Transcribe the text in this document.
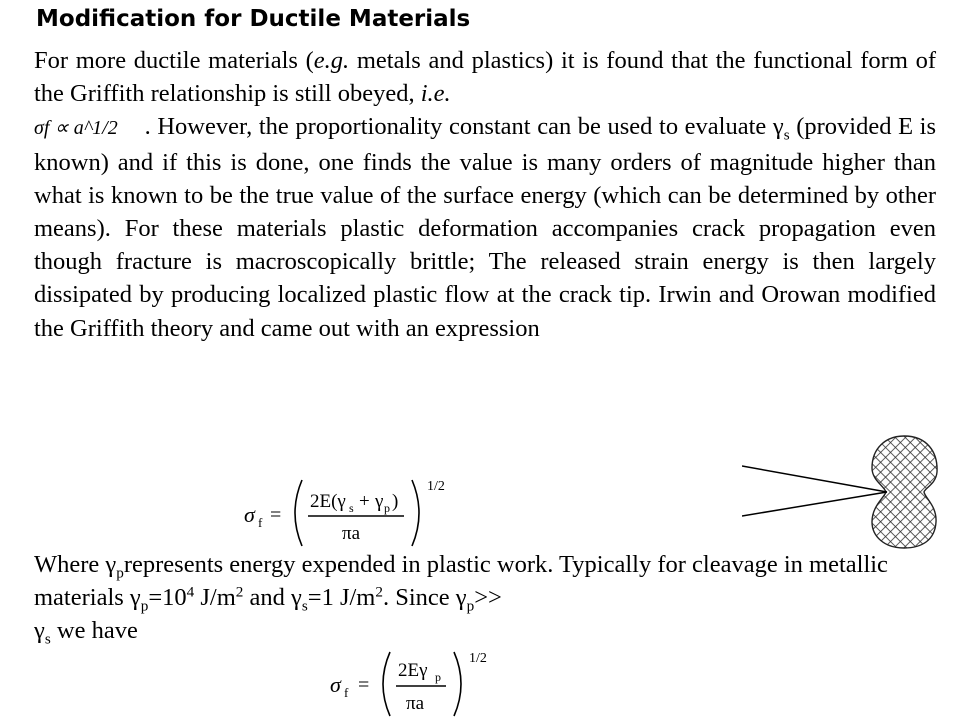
Modification for Ductile Materials
For more ductile materials (e.g. metals and plastics) it is found that the functional form of the Griffith relationship is still obeyed, i.e.
σf ∝ a^1/2 . However, the proportionality constant can be used to evaluate $\gamma_s$ (provided E is known) and if this is done, one finds the value is many orders of magnitude higher than what is known to be the true value of the surface energy (which can be determined by other means). For these materials plastic deformation accompanies crack propagation even though fracture is macroscopically brittle; The released strain energy is then largely dissipated by producing localized plastic flow at the crack tip. Irwin and Orowan modified the Griffith theory and came out with an expression
σ f =
2E(γ s + γ p )
πa
1/2
Where $\gamma_prepresents$ energy expended in plastic work. Typically for cleavage in metallic materials $\gamma_p=10^4$ $J/m^2$ and $\gamma_s=1$ $J/m^2$. Since $\gamma_p>>$
$\gamma_s$ we have
σ f =
2Eγ p
πa
1/2
